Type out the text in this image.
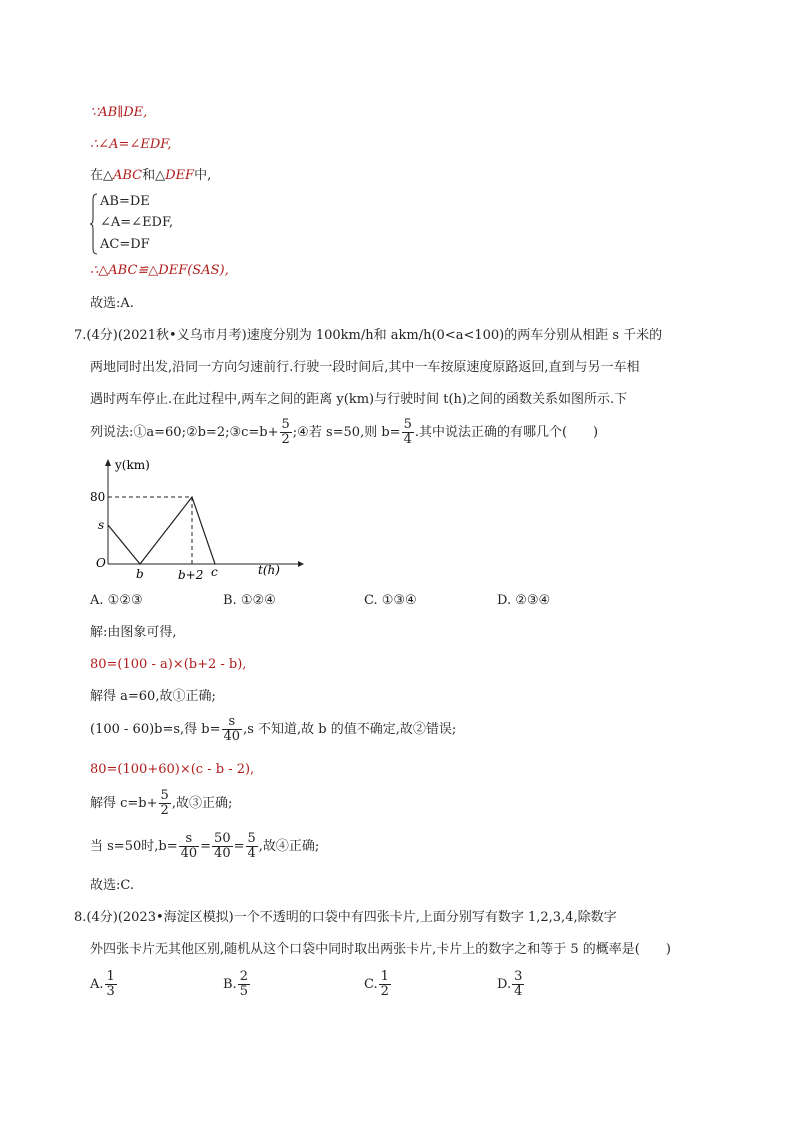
∵AB∥DE,
∴∠A=∠EDF,
在△ABC和△DEF中,
AB=DE
∠A=∠EDF,
AC=DF
∴△ABC≌△DEF(SAS),
故选:A.
7.(4分)(2021秋•义乌市月考)速度分别为 100km/h和 akm/h(0<a<100)的两车分别从相距 s 千米的
两地同时出发,沿同一方向匀速前行.行驶一段时间后,其中一车按原速度原路返回,直到与另一车相
遇时两车停止.在此过程中,两车之间的距离 y(km)与行驶时间 t(h)之间的函数关系如图所示.下
列说法:①a=60;②b=2;③c=b+ $\frac{5}{2}$ ;④若 s=50,则 $b= \frac{5}{4}$ .其中说法正确的有哪几个(　　)
y(km)
80
s
O
b	b+2 c	t(h)
A. ①②③	B. ①②④	C. ①③④	D. ②③④
解:由图象可得,
80=(100 - a)×(b+2 - b),
解得 a=60,故①正确;
(100 - 60)b=s,得 $b= \frac{s}{40} ,s$ 不知道,故 b 的值不确定,故②错误;
80=(100+60)×(c - b - 2),
解得 $c=b+ \frac{5}{2}$ ,故③正确;
当 s=50时$,b= \frac{s}{40} = \frac{50}{40} = \frac{5}{4}$ ,故④正确;
故选:C.
8.(4分)(2023•海淀区模拟)一个不透明的口袋中有四张卡片,上面分别写有数字 1,2,3,4,除数字
外四张卡片无其他区别,随机从这个口袋中同时取出两张卡片,卡片上的数字之和等于 5 的概率是(　　)
A. $\frac{1}{3}$	B. $\frac{2}{5}$	C. $\frac{1}{2}$	D. $\frac{3}{4}$
